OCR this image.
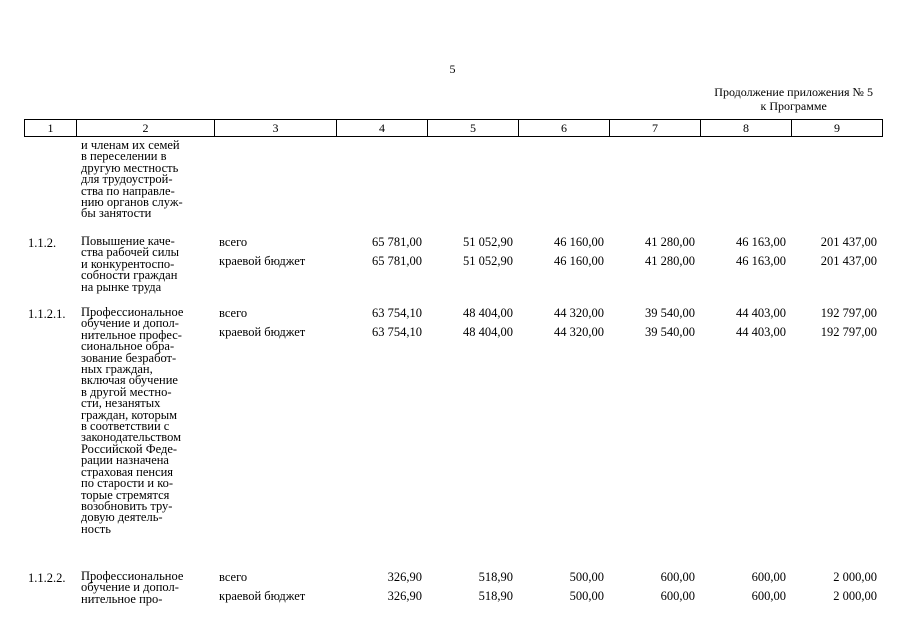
5
Продолжение приложения № 5
к Программе
1	2	3	4	5	6	7	8	9
и членам их семей
в переселении в
другую местность
для трудоустрой-
ства по направле-
нию органов служ-
бы занятости
1.1.2.	Повышение каче-
ства рабочей силы
и конкурентоспо-
собности граждан
на рынке труда
всего	65 781,00	51 052,90	46 160,00	41 280,00	46 163,00	201 437,00
краевой бюджет	65 781,00	51 052,90	46 160,00	41 280,00	46 163,00	201 437,00
1.1.2.1.	Профессиональное
обучение и допол-
нительное профес-
сиональное обра-
зование безработ-
ных граждан,
включая обучение
в другой местно-
сти, незанятых
граждан, которым
в соответствии с
законодательством
Российской Феде-
рации назначена
страховая пенсия
по старости и ко-
торые стремятся
возобновить тру-
довую деятель-
ность
всего	63 754,10	48 404,00	44 320,00	39 540,00	44 403,00	192 797,00
краевой бюджет	63 754,10	48 404,00	44 320,00	39 540,00	44 403,00	192 797,00
1.1.2.2.	Профессиональное
обучение и допол-
нительное про-
всего	326,90	518,90	500,00	600,00	600,00	2 000,00
краевой бюджет	326,90	518,90	500,00	600,00	600,00	2 000,00
